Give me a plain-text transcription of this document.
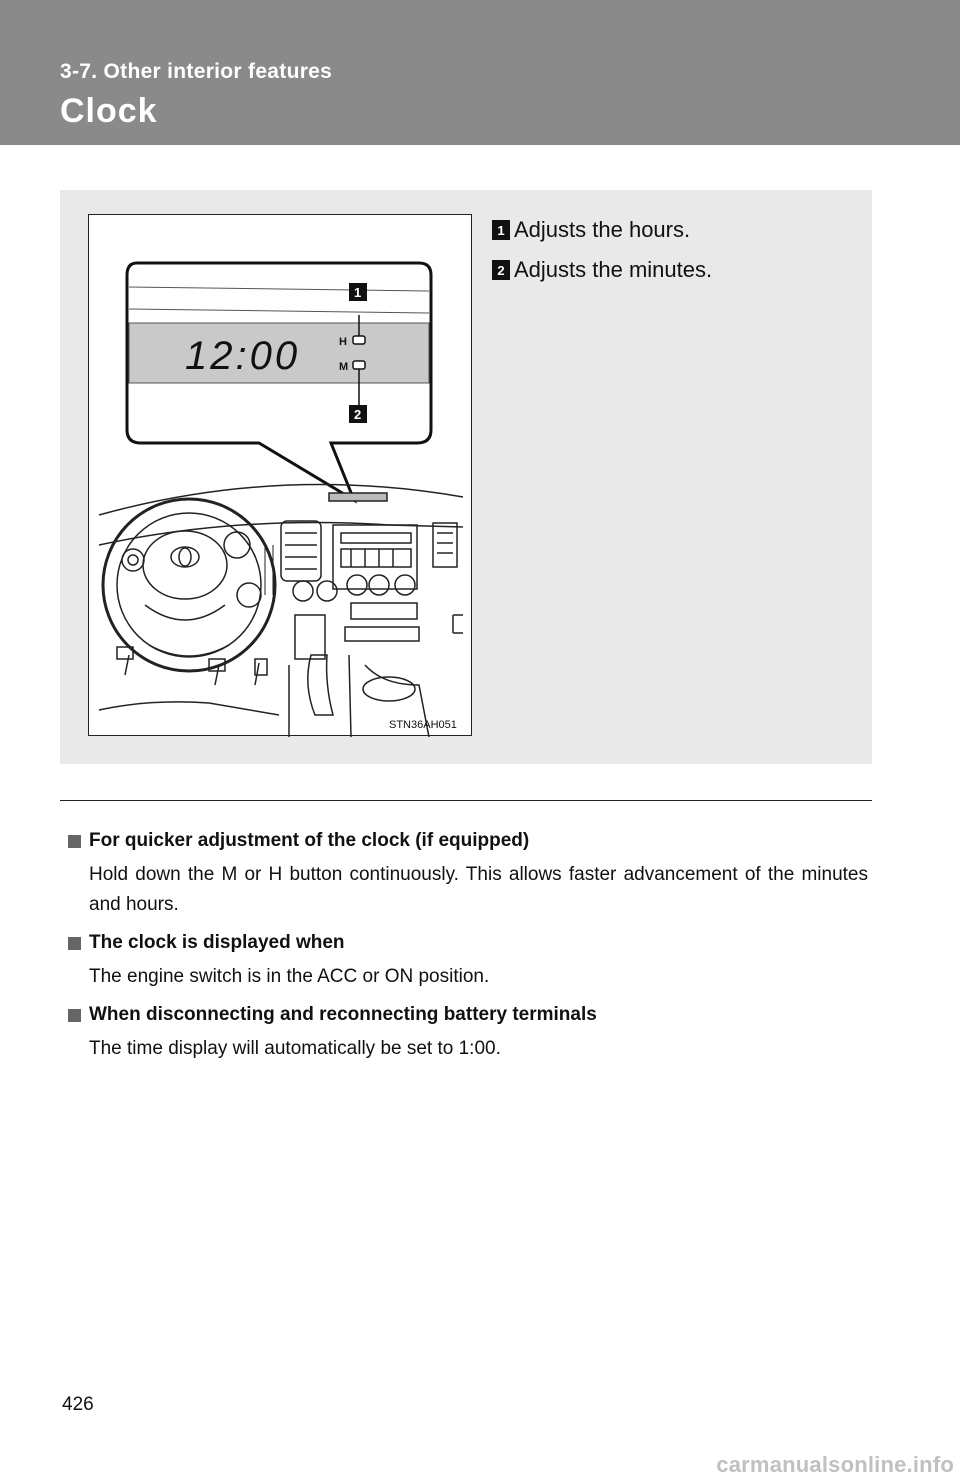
3-7. Other interior features
Clock
12:00	H
M
1
2
STN36AH051
1 Adjusts the hours.
2 Adjusts the minutes.
For quicker adjustment of the clock (if equipped)
Hold down the M or H button continuously. This allows faster advancement of the minutes and hours.
The clock is displayed when
The engine switch is in the ACC or ON position.
When disconnecting and reconnecting battery terminals
The time display will automatically be set to 1:00.
426
carmanualsonline.info
